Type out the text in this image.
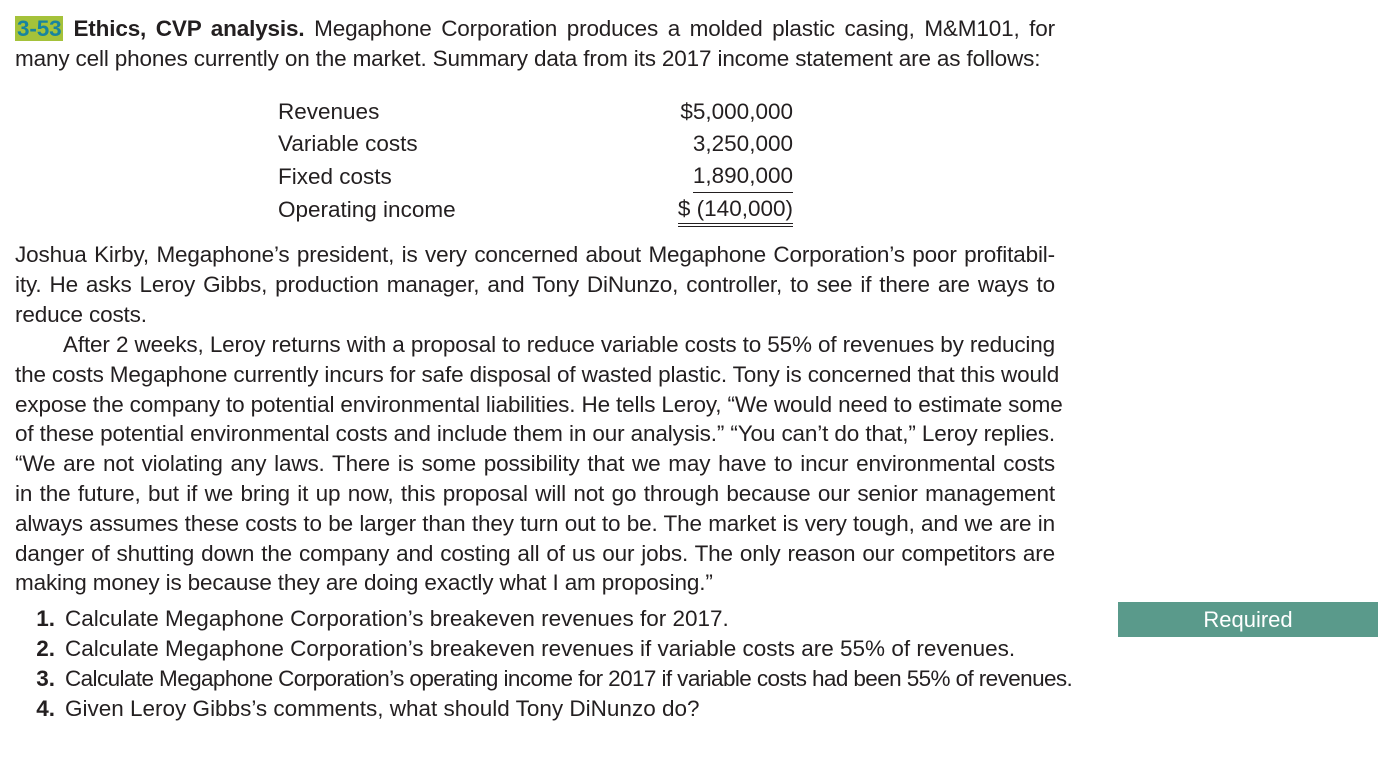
3-53 Ethics, CVP analysis. Megaphone Corporation produces a molded plastic casing, M&M101, for
many cell phones currently on the market. Summary data from its 2017 income statement are as follows:
Revenues	$5,000,000
Variable costs	3,250,000
Fixed costs	1,890,000
Operating income	$ (140,000)
Joshua Kirby, Megaphone’s president, is very concerned about Megaphone Corporation’s poor profitabil-
ity. He asks Leroy Gibbs, production manager, and Tony DiNunzo, controller, to see if there are ways to
reduce costs.
After 2 weeks, Leroy returns with a proposal to reduce variable costs to 55% of revenues by reducing
the costs Megaphone currently incurs for safe disposal of wasted plastic. Tony is concerned that this would
expose the company to potential environmental liabilities. He tells Leroy, “We would need to estimate some
of these potential environmental costs and include them in our analysis.” “You can’t do that,” Leroy replies.
“We are not violating any laws. There is some possibility that we may have to incur environmental costs
in the future, but if we bring it up now, this proposal will not go through because our senior management
always assumes these costs to be larger than they turn out to be. The market is very tough, and we are in
danger of shutting down the company and costing all of us our jobs. The only reason our competitors are
making money is because they are doing exactly what I am proposing.”
1. Calculate Megaphone Corporation’s breakeven revenues for 2017.
2. Calculate Megaphone Corporation’s breakeven revenues if variable costs are 55% of revenues.
3. Calculate Megaphone Corporation’s operating income for 2017 if variable costs had been 55% of revenues.
4. Given Leroy Gibbs’s comments, what should Tony DiNunzo do?
Required
